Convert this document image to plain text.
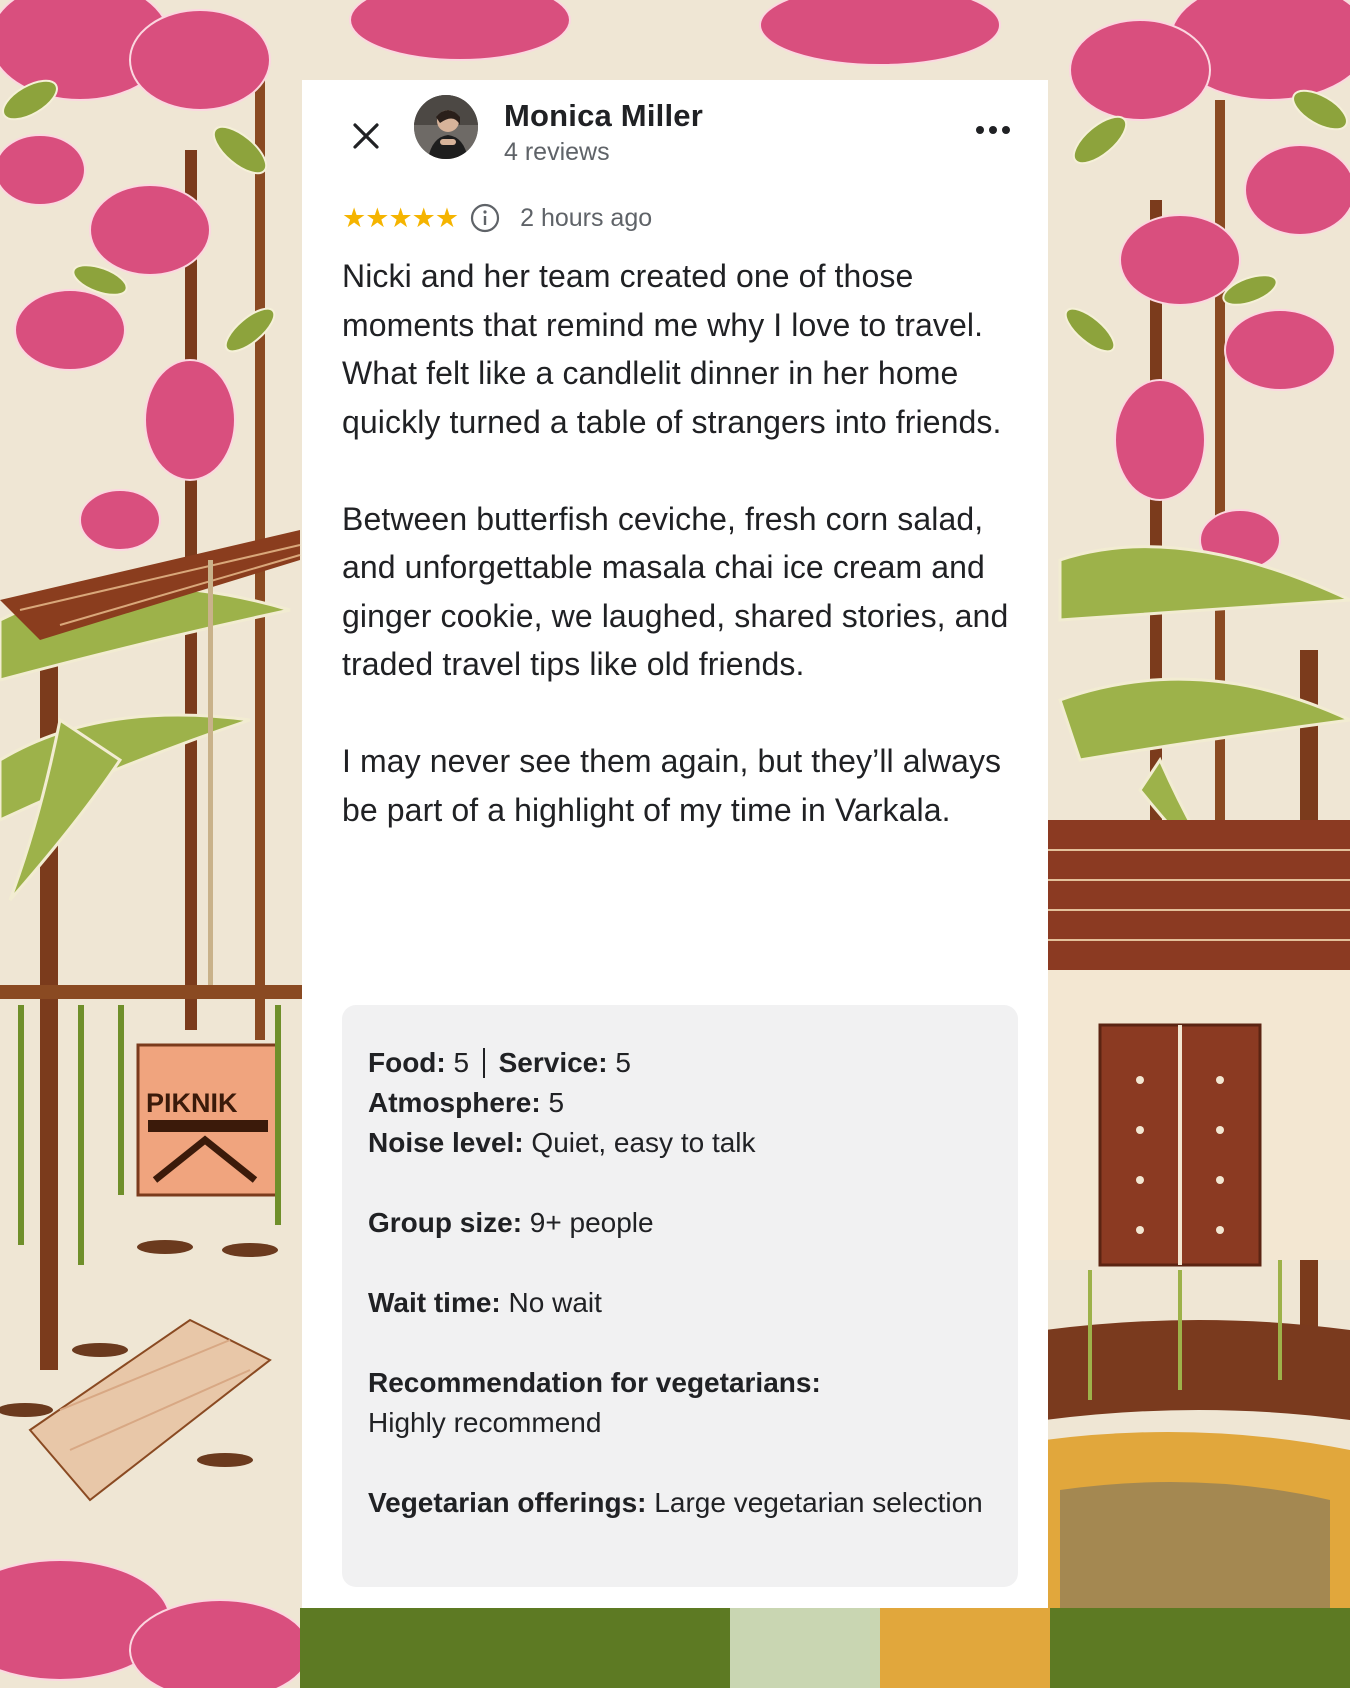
PIKNIK
Monica Miller
4 reviews
★ ★ ★ ★ ★ 2 hours ago

Nicki and her team created one of those moments that remind me why I love to travel. What felt like a candlelit dinner in her home quickly turned a table of strangers into friends.

Between butterfish ceviche, fresh corn salad, and unforgettable masala chai ice cream and ginger cookie, we laughed, shared stories, and traded travel tips like old friends.

I may never see them again, but they’ll always be part of a highlight of my time in Varkala.

Food: 5 Service: 5
Atmosphere: 5
Noise level: Quiet, easy to talk
Group size: 9+ people
Wait time: No wait
Recommendation for vegetarians:
Highly recommend
Vegetarian offerings: Large vegetarian selection
